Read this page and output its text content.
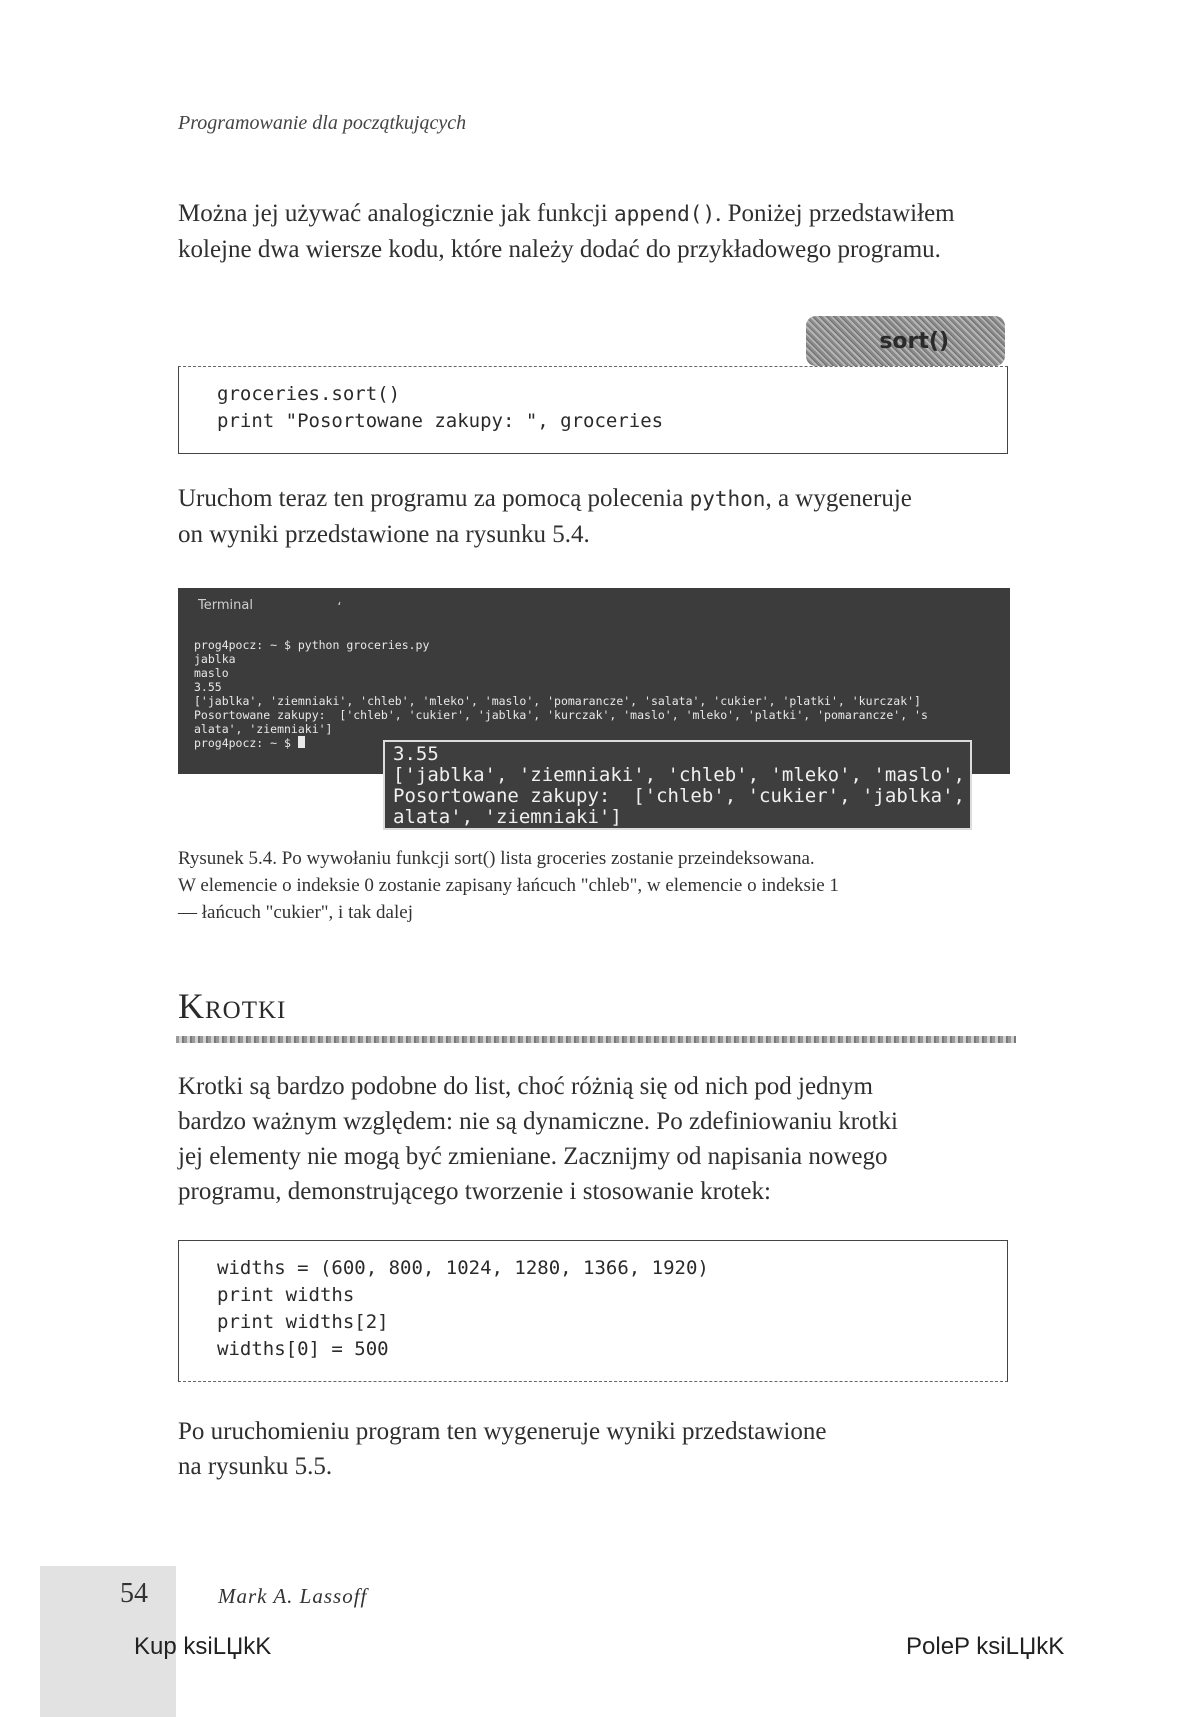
Programowanie dla początkujących
Można jej używać analogicznie jak funkcji append(). Poniżej przedstawiłem
kolejne dwa wiersze kodu, które należy dodać do przykładowego programu.
sort()
groceries.sort()
print "Posortowane zakupy: ", groceries
Uruchom teraz ten programu za pomocą polecenia python, a wygeneruje
on wyniki przedstawione na rysunku 5.4.
Terminal	ʻ
prog4pocz: ~ $ python groceries.py
jablka
maslo
3.55
['jablka', 'ziemniaki', 'chleb', 'mleko', 'maslo', 'pomarancze', 'salata', 'cukier', 'platki', 'kurczak']
Posortowane zakupy:  ['chleb', 'cukier', 'jablka', 'kurczak', 'maslo', 'mleko', 'platki', 'pomarancze', 's
alata', 'ziemniaki']
prog4pocz: ~ $	3.55
['jablka', 'ziemniaki', 'chleb', 'mleko', 'maslo',
Posortowane zakupy:  ['chleb', 'cukier', 'jablka',
alata', 'ziemniaki']
Rysunek 5.4. Po wywołaniu funkcji sort() lista groceries zostanie przeindeksowana.
W elemencie o indeksie 0 zostanie zapisany łańcuch "chleb", w elemencie o indeksie 1
— łańcuch "cukier", i tak dalej
Krotki
Krotki są bardzo podobne do list, choć różnią się od nich pod jednym
bardzo ważnym względem: nie są dynamiczne. Po zdefiniowaniu krotki
jej elementy nie mogą być zmieniane. Zacznijmy od napisania nowego
programu, demonstrującego tworzenie i stosowanie krotek:
widths = (600, 800, 1024, 1280, 1366, 1920)
print widths
print widths[2]
widths[0] = 500
Po uruchomieniu program ten wygeneruje wyniki przedstawione
na rysunku 5.5.
54	Mark A. Lassoff
Kup ksiLЏkK	PoleP ksiLЏkK
